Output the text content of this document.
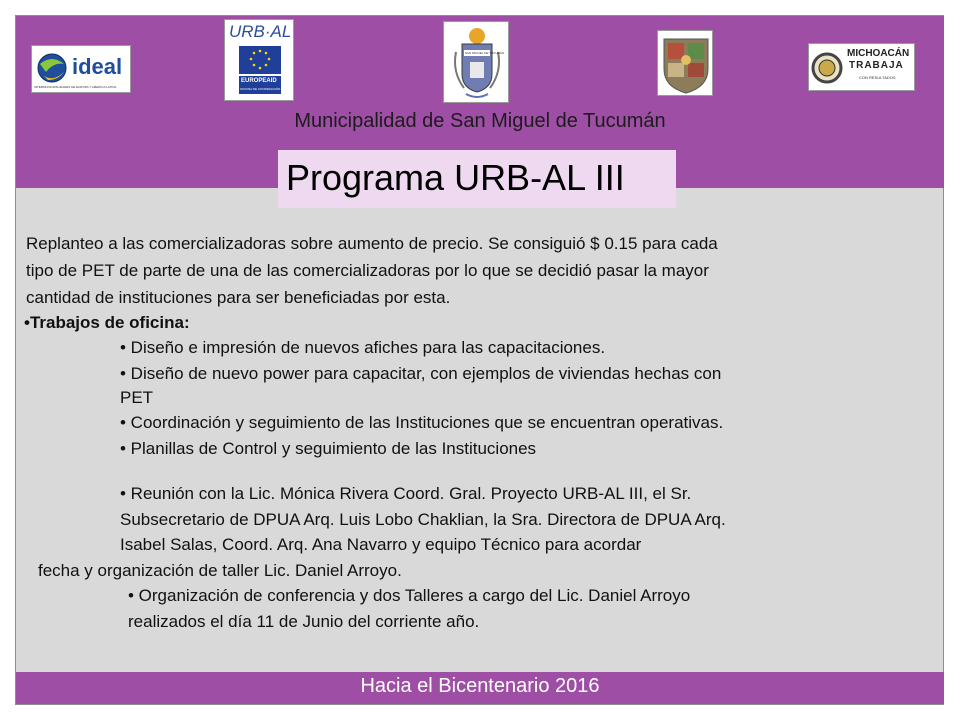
ideal
INTERMUNICIPALIDADES DE EUROPA Y AMERICA LATINA
URB·AL
EUROPEAID
OFICINA DE COOPERACIÓN
SAN MIGUEL DE TUCUMAN	MICHOACÁN
TRABAJA
CON RESULTADOS
Municipalidad de San Miguel de Tucumán
Programa URB-AL III
Replanteo a las comercializadoras sobre aumento de precio. Se consiguió $ 0.15 para cada
tipo de PET de parte de una de las comercializadoras por lo que se decidió pasar la mayor
cantidad de instituciones para ser beneficiadas por esta.
•Trabajos de oficina:
• Diseño e impresión de nuevos afiches para las capacitaciones.
• Diseño de nuevo power para capacitar, con ejemplos de viviendas hechas con
PET
• Coordinación y seguimiento de las Instituciones que se encuentran operativas.
• Planillas de Control y seguimiento de las Instituciones
• Reunión con la Lic. Mónica Rivera Coord. Gral. Proyecto URB-AL III, el Sr.
Subsecretario de DPUA Arq. Luis Lobo Chaklian, la Sra. Directora de DPUA Arq.
Isabel Salas, Coord. Arq. Ana Navarro y equipo Técnico para acordar
fecha y organización de taller Lic. Daniel Arroyo.
• Organización de conferencia y dos Talleres a cargo del Lic. Daniel Arroyo
realizados el día 11 de Junio del corriente año.
Hacia el Bicentenario 2016
